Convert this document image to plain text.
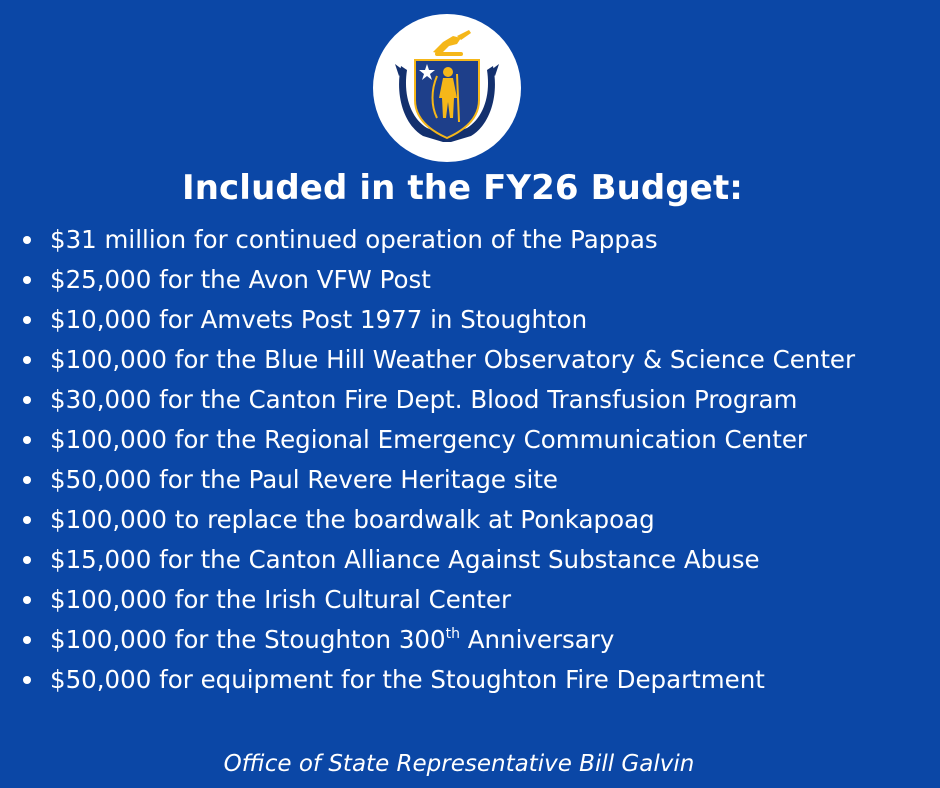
Included in the FY26 Budget:
$31 million for continued operation of the Pappas
$25,000 for the Avon VFW Post
$10,000 for Amvets Post 1977 in Stoughton
$100,000 for the Blue Hill Weather Observatory & Science Center
$30,000 for the Canton Fire Dept. Blood Transfusion Program
$100,000 for the Regional Emergency Communication Center
$50,000 for the Paul Revere Heritage site
$100,000 to replace the boardwalk at Ponkapoag
$15,000 for the Canton Alliance Against Substance Abuse
$100,000 for the Irish Cultural Center
$100,000 for the Stoughton 300th Anniversary
$50,000 for equipment for the Stoughton Fire Department
Office of State Representative Bill Galvin
